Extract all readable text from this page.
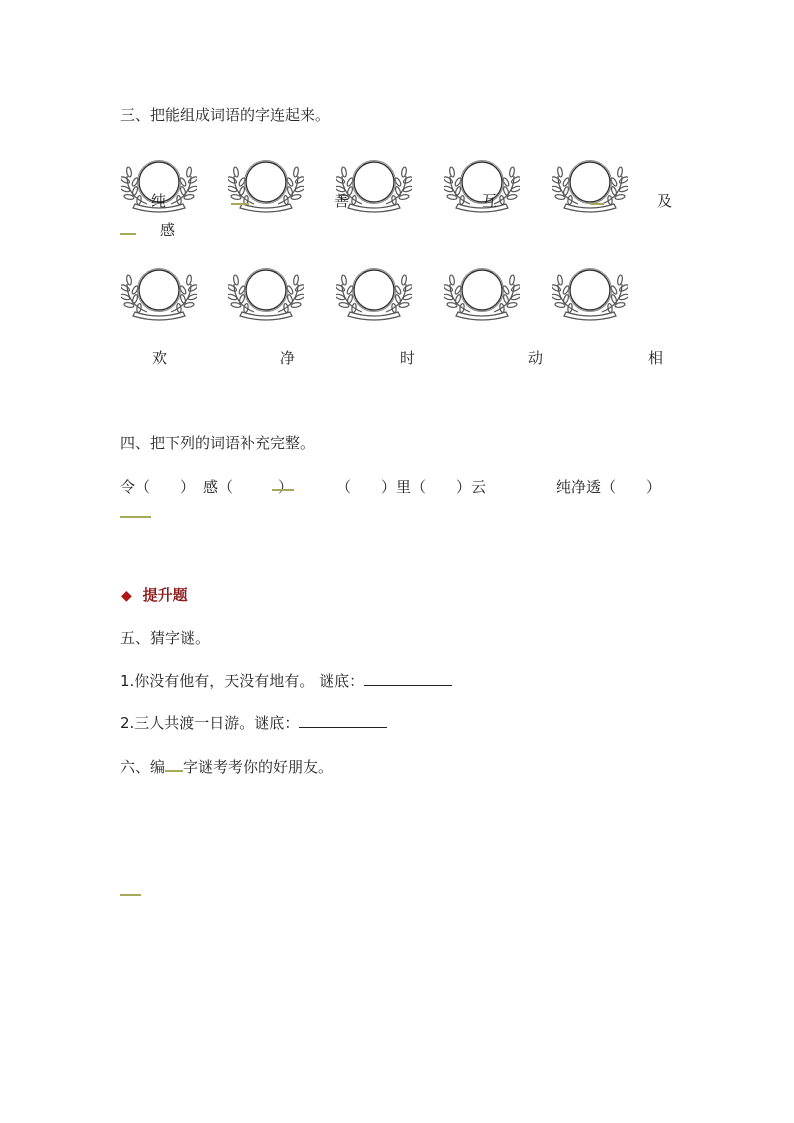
三、把能组成词语的字连起来。
纯	善	互	及
感
欢	净	时	动	相
四、把下列的词语补充完整。
令（　　） 感（　　　）	（　　）里（　　）云	纯净透（　　）
◆ 提升题
五、猜字谜。
1.你没有他有，天没有地有。 谜底：
2.三人共渡一日游。谜底：
六、编 字谜考考你的好朋友。
